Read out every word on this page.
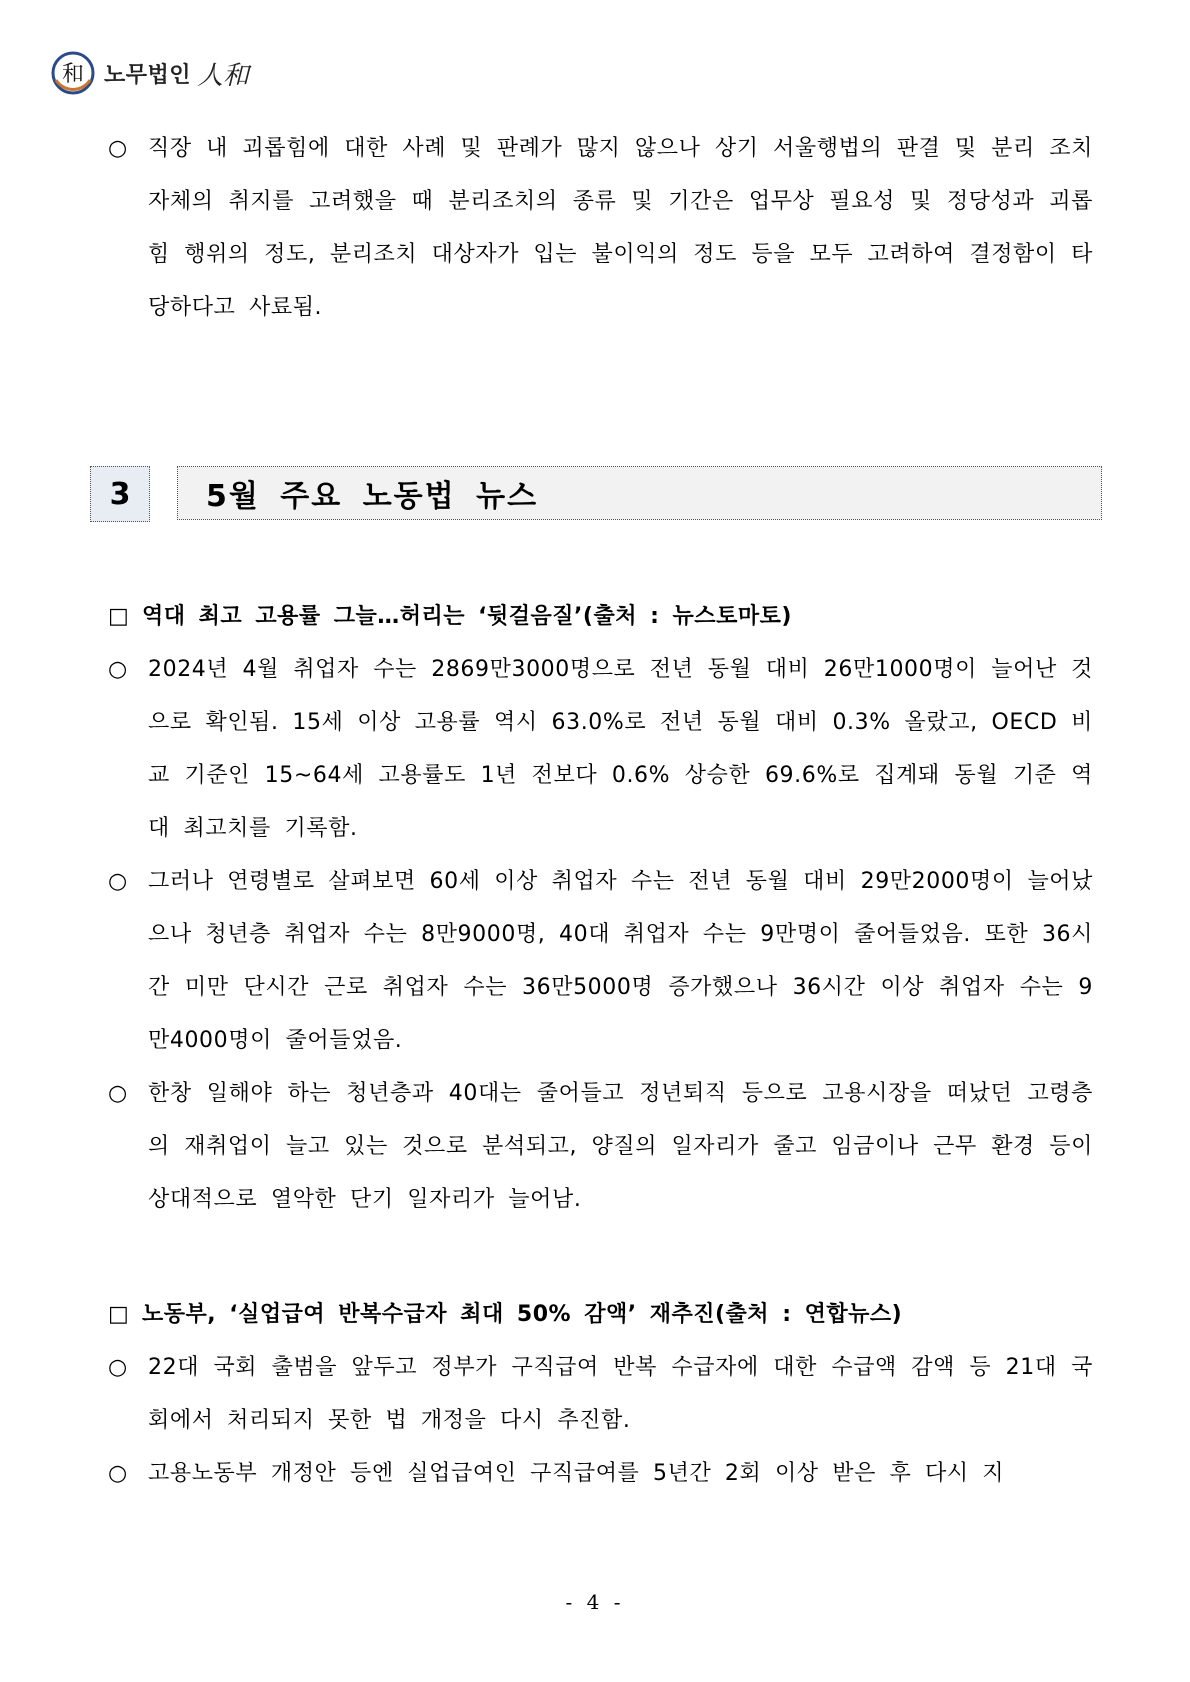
和 노무법인 人和
○ 직장 내 괴롭힘에 대한 사례 및 판례가 많지 않으나 상기 서울행법의 판결 및 분리 조치 자체의 취지를 고려했을 때 분리조치의 종류 및 기간은 업무상 필요성 및 정당성과 괴롭힘 행위의 정도, 분리조치 대상자가 입는 불이익의 정도 등을 모두 고려하여 결정함이 타당하다고 사료됨.
3	5월 주요 노동법 뉴스
□ 역대 최고 고용률 그늘…허리는 ‘뒷걸음질’(출처 : 뉴스토마토)
○ 2024년 4월 취업자 수는 2869만3000명으로 전년 동월 대비 26만1000명이 늘어난 것으로 확인됨. 15세 이상 고용률 역시 63.0%로 전년 동월 대비 0.3% 올랐고, OECD 비교 기준인 15~64세 고용률도 1년 전보다 0.6% 상승한 69.6%로 집계돼 동월 기준 역대 최고치를 기록함.
○ 그러나 연령별로 살펴보면 60세 이상 취업자 수는 전년 동월 대비 29만2000명이 늘어났으나 청년층 취업자 수는 8만9000명, 40대 취업자 수는 9만명이 줄어들었음. 또한 36시간 미만 단시간 근로 취업자 수는 36만5000명 증가했으나 36시간 이상 취업자 수는 9만4000명이 줄어들었음.
○ 한창 일해야 하는 청년층과 40대는 줄어들고 정년퇴직 등으로 고용시장을 떠났던 고령층의 재취업이 늘고 있는 것으로 분석되고, 양질의 일자리가 줄고 임금이나 근무 환경 등이 상대적으로 열악한 단기 일자리가 늘어남.
□ 노동부, ‘실업급여 반복수급자 최대 50% 감액’ 재추진(출처 : 연합뉴스)
○ 22대 국회 출범을 앞두고 정부가 구직급여 반복 수급자에 대한 수급액 감액 등 21대 국회에서 처리되지 못한 법 개정을 다시 추진함.
○ 고용노동부 개정안 등엔 실업급여인 구직급여를 5년간 2회 이상 받은 후 다시 지
- 4 -
